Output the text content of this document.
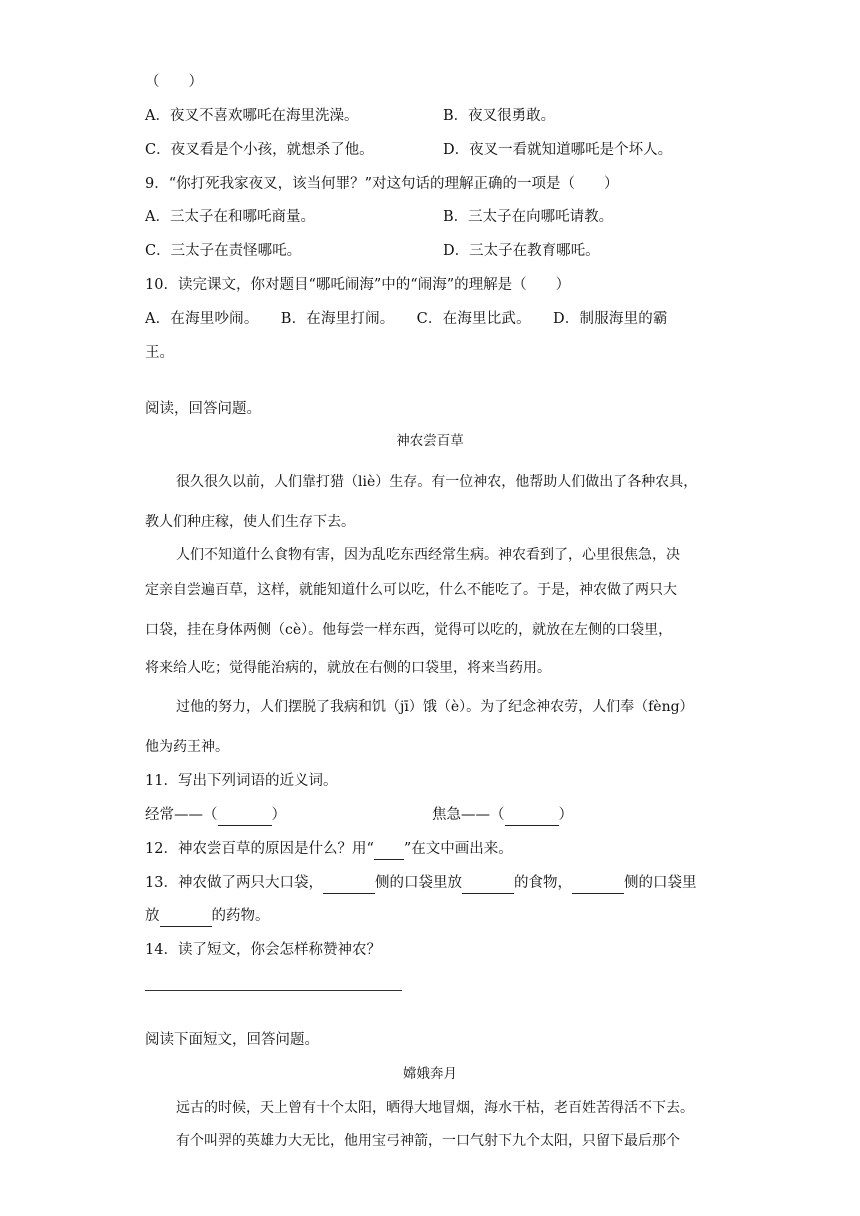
（　　）
A．夜叉不喜欢哪吒在海里洗澡。	B．夜叉很勇敢。
C．夜叉看是个小孩，就想杀了他。	D．夜叉一看就知道哪吒是个坏人。
9．“你打死我家夜叉，该当何罪？”对这句话的理解正确的一项是（　　）
A．三太子在和哪吒商量。	B．三太子在向哪吒请教。
C．三太子在责怪哪吒。	D．三太子在教育哪吒。
10．读完课文，你对题目“哪吒闹海”中的“闹海”的理解是（　　）
A．在海里吵闹。　　B．在海里打闹。　　C．在海里比武。　　D．制服海里的霸
王。
阅读，回答问题。
神农尝百草
很久很久以前，人们靠打猎（liè）生存。有一位神农，他帮助人们做出了各种农具，
教人们种庄稼，使人们生存下去。
人们不知道什么食物有害，因为乱吃东西经常生病。神农看到了，心里很焦急，决
定亲自尝遍百草，这样，就能知道什么可以吃，什么不能吃了。于是，神农做了两只大
口袋，挂在身体两侧（cè）。他每尝一样东西，觉得可以吃的，就放在左侧的口袋里，
将来给人吃；觉得能治病的，就放在右侧的口袋里，将来当药用。
过他的努力，人们摆脱了我病和饥（jī）饿（è）。为了纪念神农劳，人们奉（fèng）
他为药王神。
11．写出下列词语的近义词。
经常——（	）	焦急——（	）
12．神农尝百草的原因是什么？用“ ”在文中画出来。
13．神农做了两只大口袋，	侧的口袋里放	的食物，	侧的口袋里
放	的药物。
14．读了短文，你会怎样称赞神农？
阅读下面短文，回答问题。
嫦娥奔月
远古的时候，天上曾有十个太阳，晒得大地冒烟，海水干枯，老百姓苦得活不下去。
有个叫羿的英雄力大无比，他用宝弓神箭，一口气射下九个太阳，只留下最后那个
